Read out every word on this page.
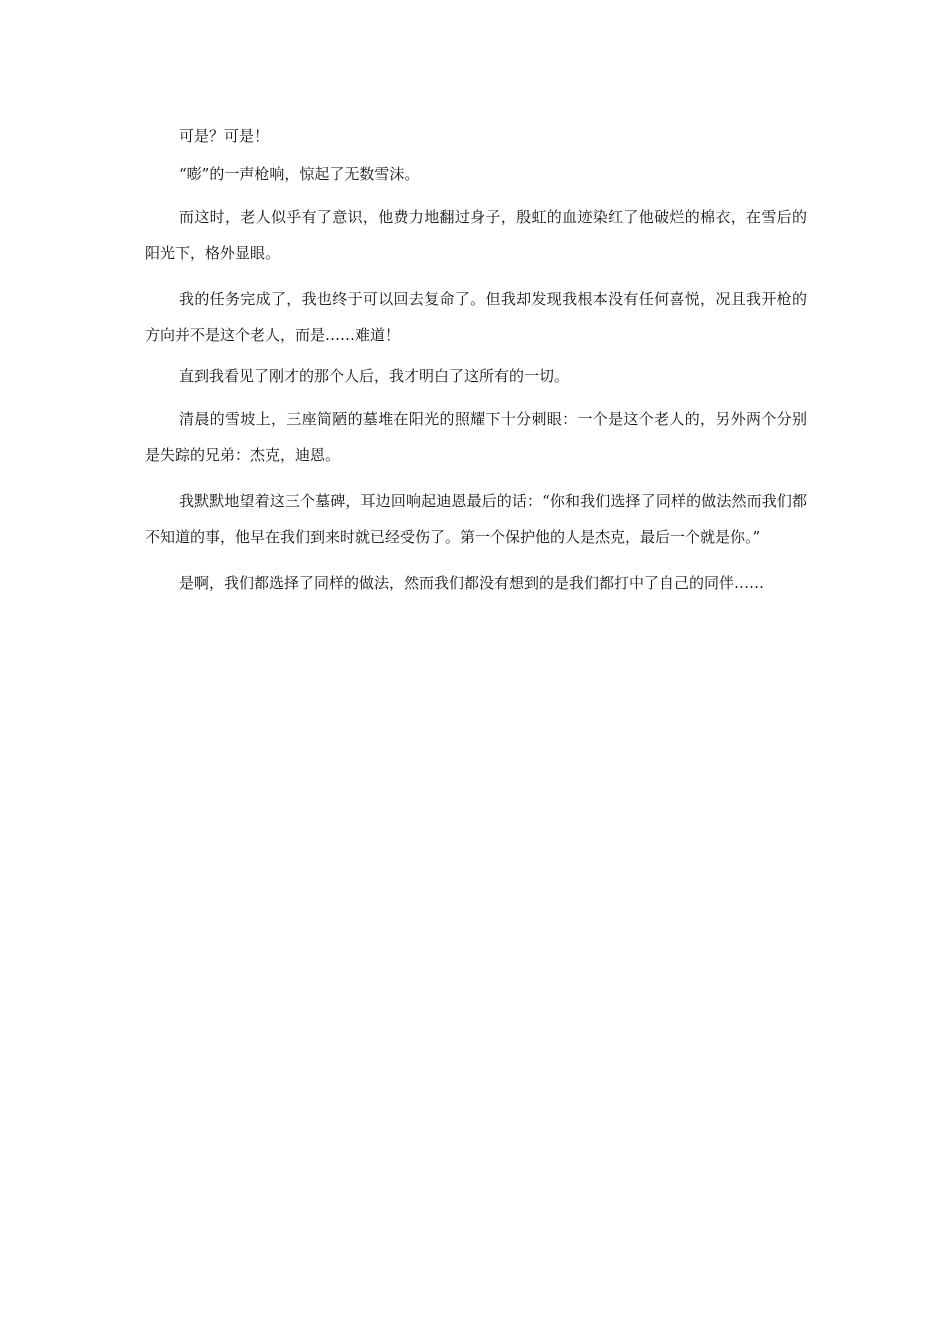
可是？可是！

“嘭”的一声枪响，惊起了无数雪沫。

而这时，老人似乎有了意识，他费力地翻过身子，殷虹的血迹染红了他破烂的棉衣，在雪后的阳光下，格外显眼。

我的任务完成了，我也终于可以回去复命了。但我却发现我根本没有任何喜悦，况且我开枪的方向并不是这个老人，而是……难道！

直到我看见了刚才的那个人后，我才明白了这所有的一切。

清晨的雪坡上，三座简陋的墓堆在阳光的照耀下十分刺眼：一个是这个老人的，另外两个分别是失踪的兄弟：杰克，迪恩。

我默默地望着这三个墓碑，耳边回响起迪恩最后的话：“你和我们选择了同样的做法然而我们都不知道的事，他早在我们到来时就已经受伤了。第一个保护他的人是杰克，最后一个就是你。”

是啊，我们都选择了同样的做法，然而我们都没有想到的是我们都打中了自己的同伴……
